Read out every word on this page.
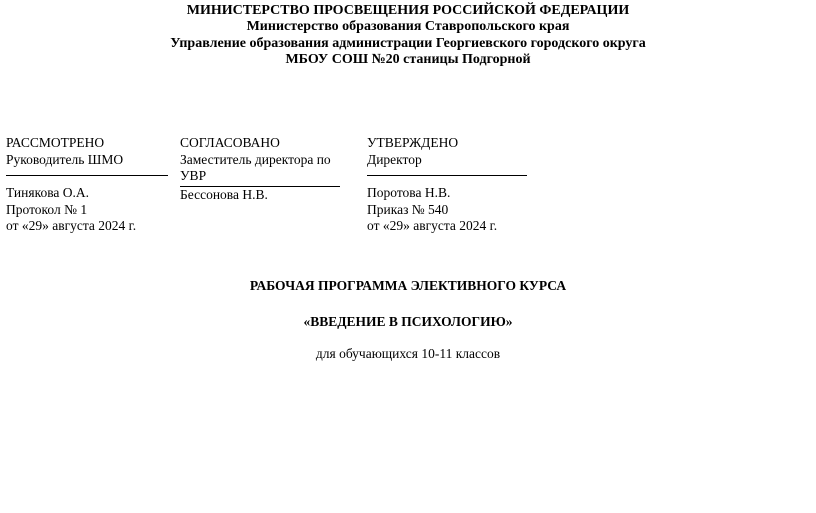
МИНИСТЕРСТВО ПРОСВЕЩЕНИЯ РОССИЙСКОЙ ФЕДЕРАЦИИ
Министерство образования Ставропольского края
Управление образования администрации Георгиевского городского округа
МБОУ СОШ №20 станицы Подгорной
РАССМОТРЕНО
Руководитель ШМО
Тинякова О.А.
Протокол № 1
от «29» августа 2024 г.
СОГЛАСОВАНО
Заместитель директора по
УВР
Бессонова Н.В.
УТВЕРЖДЕНО
Директор
Поротова Н.В.
Приказ № 540
от «29» августа 2024 г.
РАБОЧАЯ ПРОГРАММА ЭЛЕКТИВНОГО КУРСА
«ВВЕДЕНИЕ В ПСИХОЛОГИЮ»
для обучающихся 10-11 классов
